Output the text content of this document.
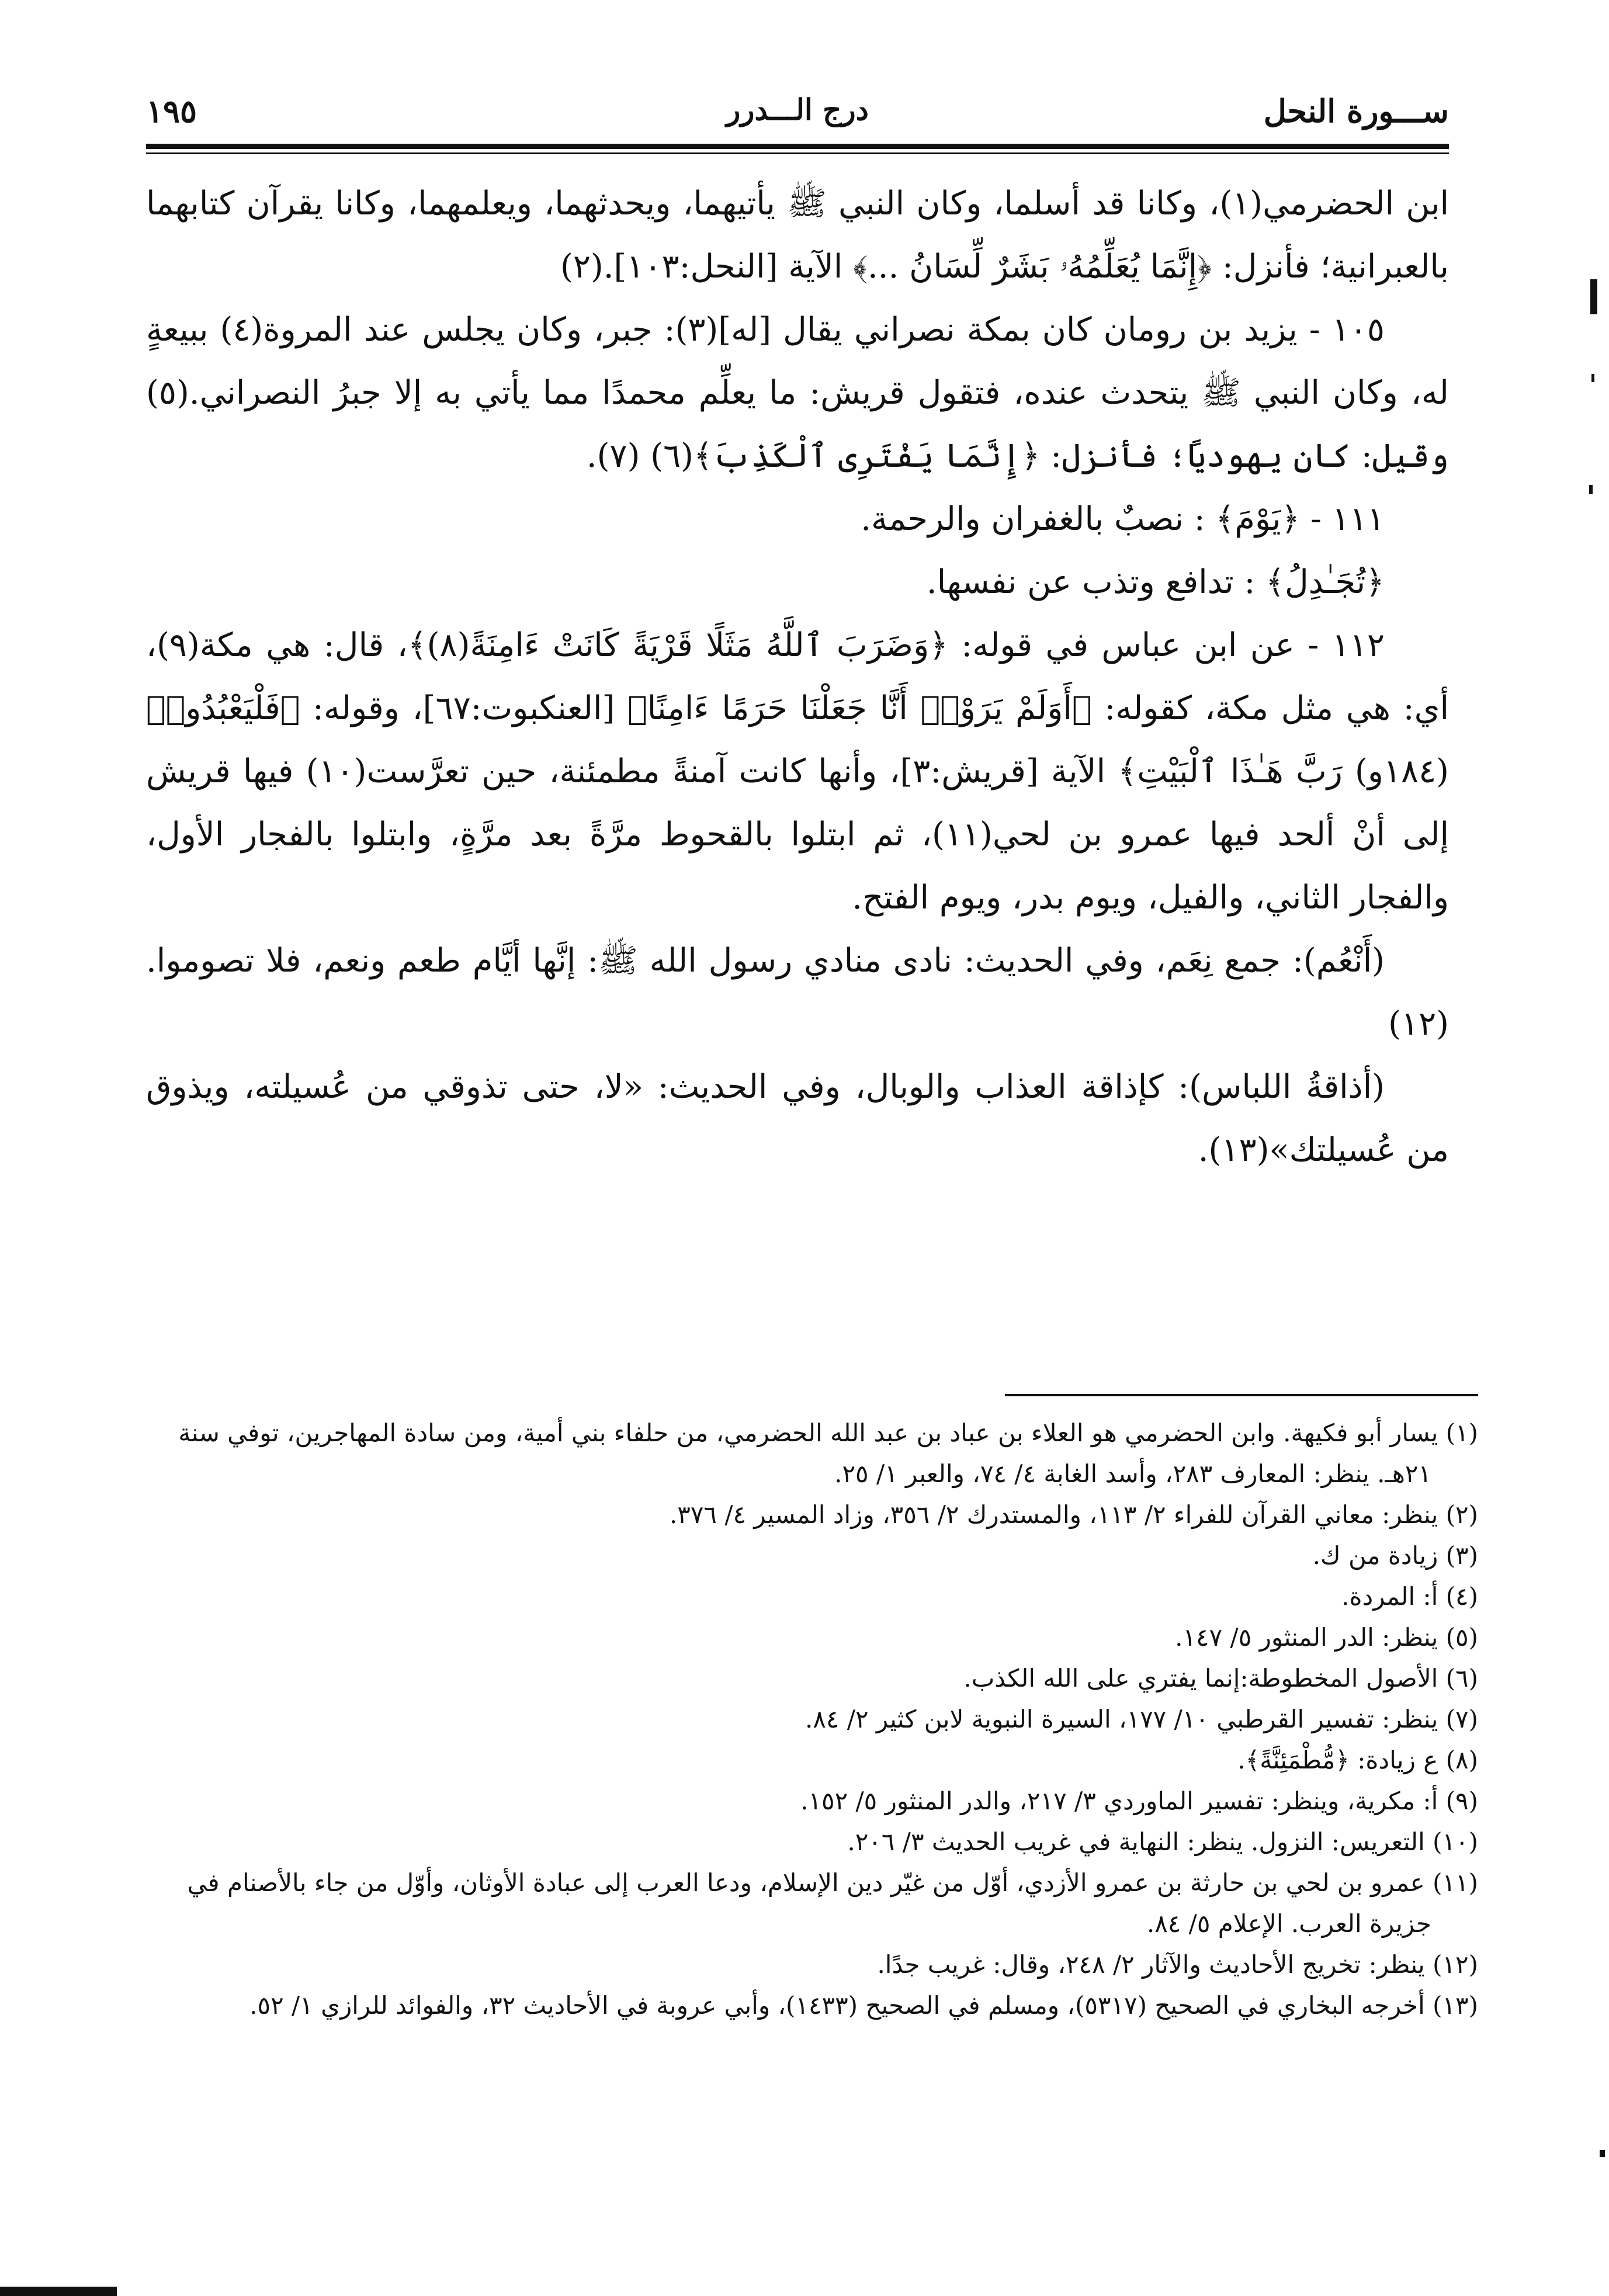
ســـورة النحل
درج الـــدرر
١٩٥

ابن الحضرمي(١)، وكانا قد أسلما، وكان النبي ﷺ يأتيهما، ويحدثهما، ويعلمهما، وكانا يقرآن كتابهما بالعبرانية؛ فأنزل: ﴿إِنَّمَا يُعَلِّمُهُۥ بَشَرٌ لِّسَانُ ...﴾ الآية [النحل:١٠٣].(٢)

١٠٥ - يزيد بن رومان كان بمكة نصراني يقال [له](٣): جبر، وكان يجلس عند المروة(٤) ببيعةٍ له، وكان النبي ﷺ يتحدث عنده، فتقول قريش: ما يعلِّم محمدًا مما يأتي به إلا جبرُ النصراني.(٥) وقيل: كان يهوديًا؛ فأنزل: ﴿إِنَّمَا يَفْتَرِى ٱلْكَذِبَ﴾(٦) (٧).

١١١ - ﴿يَوْمَ﴾ : نصبٌ بالغفران والرحمة.

﴿تُجَـٰدِلُ﴾ : تدافع وتذب عن نفسها.

١١٢ - عن ابن عباس في قوله: ﴿وَضَرَبَ ٱللَّهُ مَثَلًا قَرْيَةً كَانَتْ ءَامِنَةً(٨)﴾، قال: هي مكة(٩)، أي: هي مثل مكة، كقوله: ﴿أَوَلَمْ يَرَوْا۟ أَنَّا جَعَلْنَا حَرَمًا ءَامِنًا﴾ [العنكبوت:٦٧]، وقوله: ﴿فَلْيَعْبُدُوا۟ (١٨٤و) رَبَّ هَـٰذَا ٱلْبَيْتِ﴾ الآية [قريش:٣]، وأنها كانت آمنةً مطمئنة، حين تعرَّست(١٠) فيها قريش إلى أنْ ألحد فيها عمرو بن لحي(١١)، ثم ابتلوا بالقحوط مرَّةً بعد مرَّةٍ، وابتلوا بالفجار الأول، والفجار الثاني، والفيل، ويوم بدر، ويوم الفتح.

(أَنْعُم): جمع نِعَم، وفي الحديث: نادى منادي رسول الله ﷺ: إنَّها أيَّام طعم ونعم، فلا تصوموا.(١٢)

(أذاقةُ اللباس): كإذاقة العذاب والوبال، وفي الحديث: «لا، حتى تذوقي من عُسيلته، ويذوق من عُسيلتك»(١٣).

(١) يسار أبو فكيهة. وابن الحضرمي هو العلاء بن عباد بن عبد الله الحضرمي، من حلفاء بني أمية، ومن سادة المهاجرين، توفي سنة ٢١هـ. ينظر: المعارف ٢٨٣، وأسد الغابة ٤/ ٧٤، والعبر ١/ ٢٥.

(٢) ينظر: معاني القرآن للفراء ٢/ ١١٣، والمستدرك ٢/ ٣٥٦، وزاد المسير ٤/ ٣٧٦.

(٣) زيادة من ك.

(٤) أ: المردة.

(٥) ينظر: الدر المنثور ٥/ ١٤٧.

(٦) الأصول المخطوطة:إنما يفتري على الله الكذب.

(٧) ينظر: تفسير القرطبي ١٠/ ١٧٧، السيرة النبوية لابن كثير ٢/ ٨٤.

(٨) ع زيادة: ﴿مُّطْمَئِنَّةً﴾.

(٩) أ: مكرية، وينظر: تفسير الماوردي ٣/ ٢١٧، والدر المنثور ٥/ ١٥٢.

(١٠) التعريس: النزول. ينظر: النهاية في غريب الحديث ٣/ ٢٠٦.

(١١) عمرو بن لحي بن حارثة بن عمرو الأزدي، أوّل من غيّر دين الإسلام، ودعا العرب إلى عبادة الأوثان، وأوّل من جاء بالأصنام في جزيرة العرب. الإعلام ٥/ ٨٤.

(١٢) ينظر: تخريج الأحاديث والآثار ٢/ ٢٤٨، وقال: غريب جدًا.

(١٣) أخرجه البخاري في الصحيح (٥٣١٧)، ومسلم في الصحيح (١٤٣٣)، وأبي عروبة في الأحاديث ٣٢، والفوائد للرازي ١/ ٥٢.
